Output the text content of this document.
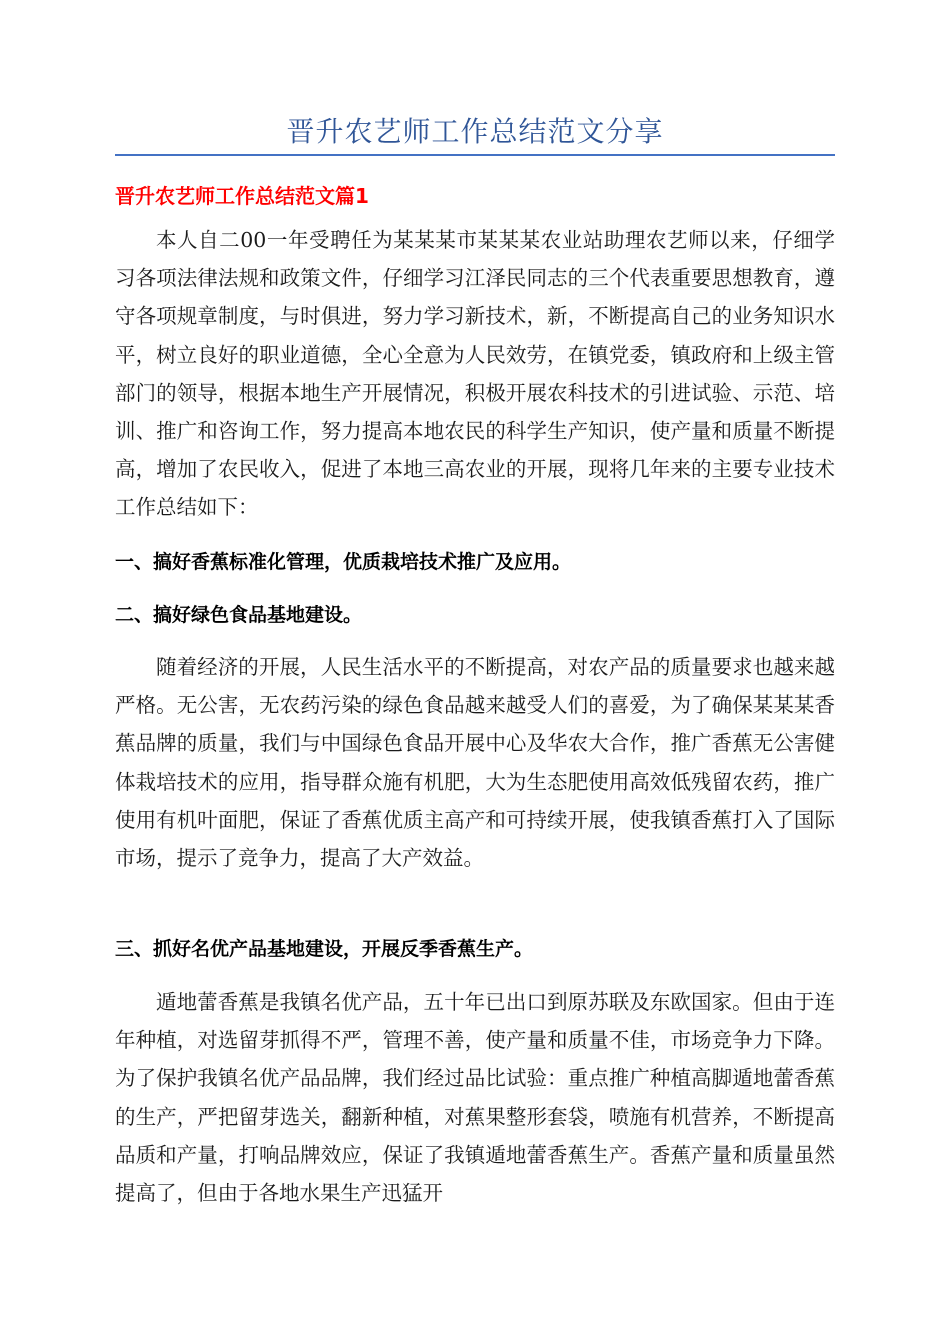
晋升农艺师工作总结范文分享
晋升农艺师工作总结范文篇1

本人自二00一年受聘任为某某某市某某某农业站助理农艺师以来，仔细学习各项法律法规和政策文件，仔细学习江泽民同志的三个代表重要思想教育，遵守各项规章制度，与时俱进，努力学习新技术，新，不断提高自己的业务知识水平，树立良好的职业道德，全心全意为人民效劳，在镇党委，镇政府和上级主管部门的领导，根据本地生产开展情况，积极开展农科技术的引进试验、示范、培训、推广和咨询工作，努力提高本地农民的科学生产知识，使产量和质量不断提高，增加了农民收入，促进了本地三高农业的开展，现将几年来的主要专业技术工作总结如下：

一、搞好香蕉标准化管理，优质栽培技术推广及应用。
二、搞好绿色食品基地建设。

随着经济的开展，人民生活水平的不断提高，对农产品的质量要求也越来越严格。无公害，无农药污染的绿色食品越来越受人们的喜爱，为了确保某某某香蕉品牌的质量，我们与中国绿色食品开展中心及华农大合作，推广香蕉无公害健体栽培技术的应用，指导群众施有机肥，大为生态肥使用高效低残留农药，推广使用有机叶面肥，保证了香蕉优质主高产和可持续开展，使我镇香蕉打入了国际市场，提示了竞争力，提高了大产效益。

三、抓好名优产品基地建设，开展反季香蕉生产。

遁地蕾香蕉是我镇名优产品，五十年已出口到原苏联及东欧国家。但由于连年种植，对选留芽抓得不严，管理不善，使产量和质量不佳，市场竞争力下降。为了保护我镇名优产品品牌，我们经过品比试验：重点推广种植高脚遁地蕾香蕉的生产，严把留芽选关，翻新种植，对蕉果整形套袋，喷施有机营养，不断提高品质和产量，打响品牌效应，保证了我镇遁地蕾香蕉生产。香蕉产量和质量虽然提高了，但由于各地水果生产迅猛开
